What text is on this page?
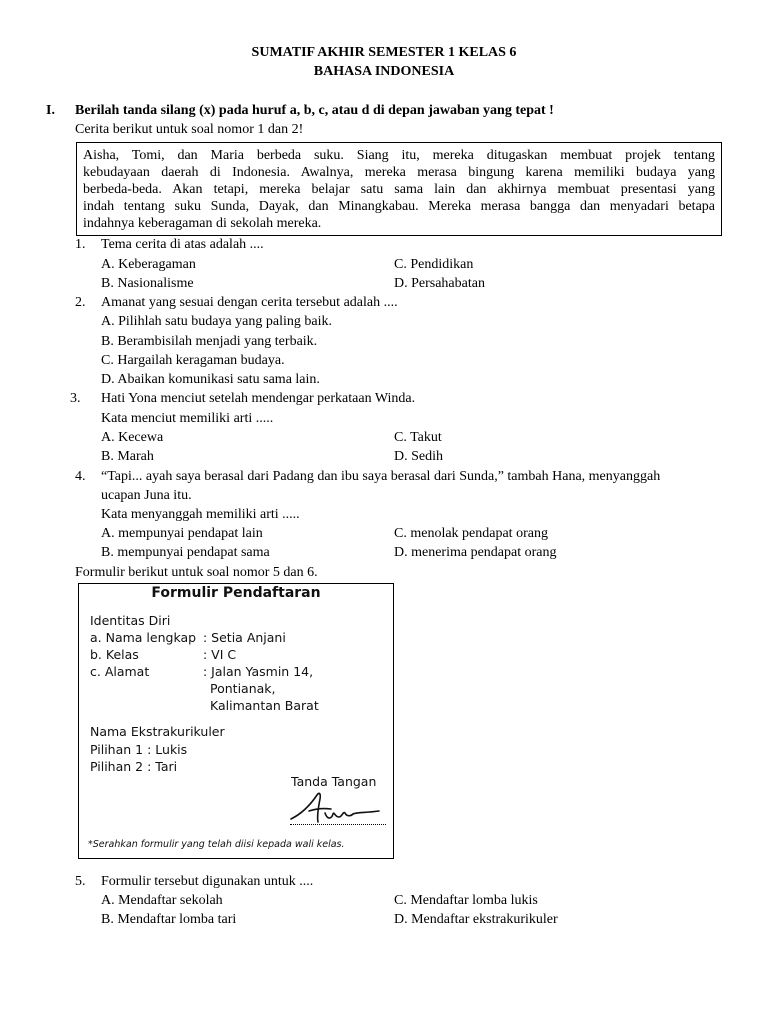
SUMATIF AKHIR SEMESTER 1 KELAS 6
BAHASA INDONESIA
I. Berilah tanda silang (x) pada huruf a, b, c, atau d di depan jawaban yang tepat !
Cerita berikut untuk soal nomor 1 dan 2!
Aisha, Tomi, dan Maria berbeda suku. Siang itu, mereka ditugaskan membuat projek tentang
kebudayaan daerah di Indonesia. Awalnya, mereka merasa bingung karena memiliki budaya yang
berbeda-beda. Akan tetapi, mereka belajar satu sama lain dan akhirnya membuat presentasi yang
indah tentang suku Sunda, Dayak, dan Minangkabau. Mereka merasa bangga dan menyadari betapa
indahnya keberagaman di sekolah mereka.
1. Tema cerita di atas adalah ....
A. Keberagaman	C. Pendidikan
B. Nasionalisme	D. Persahabatan
2. Amanat yang sesuai dengan cerita tersebut adalah ....
A. Pilihlah satu budaya yang paling baik.
B. Berambisilah menjadi yang terbaik.
C. Hargailah keragaman budaya.
D. Abaikan komunikasi satu sama lain.
3. Hati Yona menciut setelah mendengar perkataan Winda.
Kata menciut memiliki arti .....
A. Kecewa	C. Takut
B. Marah	D. Sedih
4. “Tapi... ayah saya berasal dari Padang dan ibu saya berasal dari Sunda,” tambah Hana, menyanggah
ucapan Juna itu.
Kata menyanggah memiliki arti .....
A. mempunyai pendapat lain	C. menolak pendapat orang
B. mempunyai pendapat sama	D. menerima pendapat orang
Formulir berikut untuk soal nomor 5 dan 6.
Formulir Pendaftaran
Identitas Diri
a. Nama lengkap : Setia Anjani
b. Kelas	: VI C
c. Alamat	: Jalan Yasmin 14,
Pontianak,
Kalimantan Barat
Nama Ekstrakurikuler
Pilihan 1 : Lukis
Pilihan 2 : Tari
Tanda Tangan
*Serahkan formulir yang telah diisi kepada wali kelas.
5. Formulir tersebut digunakan untuk ....
A. Mendaftar sekolah	C. Mendaftar lomba lukis
B. Mendaftar lomba tari	D. Mendaftar ekstrakurikuler
